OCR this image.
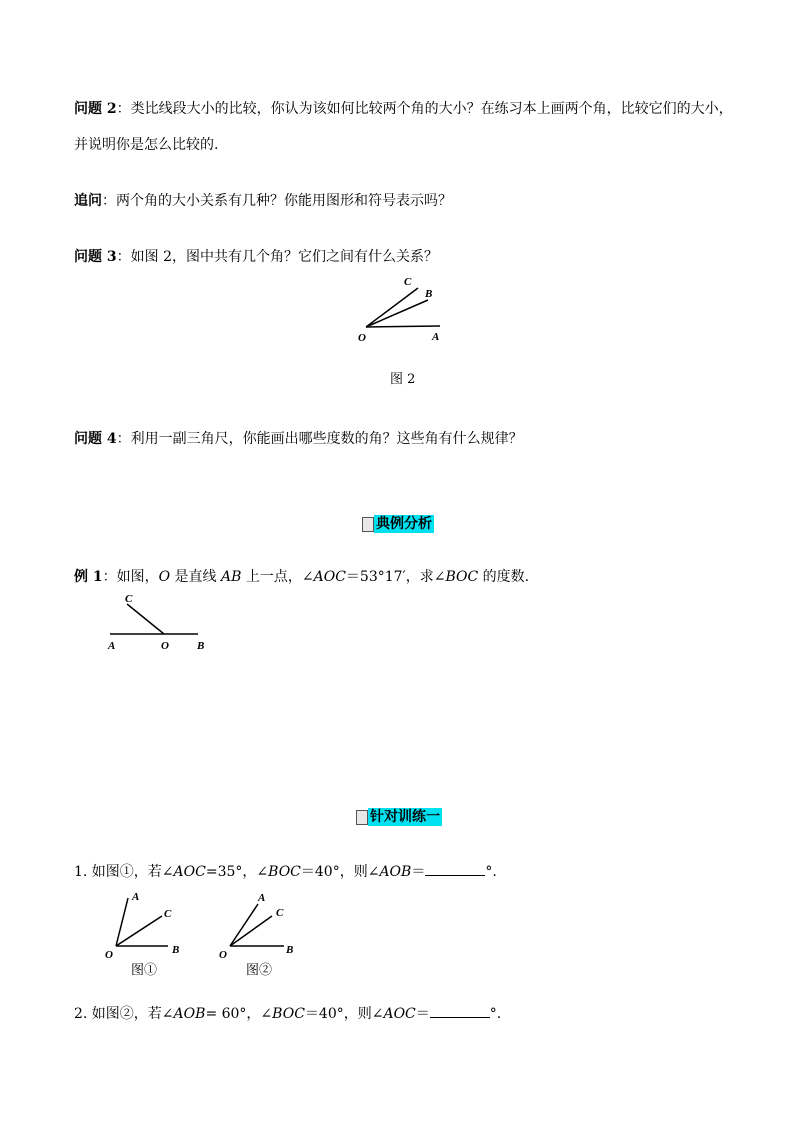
问题 2：类比线段大小的比较，你认为该如何比较两个角的大小？在练习本上画两个角，比较它们的大小，
并说明你是怎么比较的.
追问：两个角的大小关系有几种？你能用图形和符号表示吗？
问题 3：如图 2，图中共有几个角？它们之间有什么关系？
C
B
O	A
图 2
问题 4：利用一副三角尺，你能画出哪些度数的角？这些角有什么规律？
典例分析
例 1：如图，O 是直线 AB 上一点，∠AOC＝53°17′，求∠BOC 的度数.
C
A	O	B
针对训练一
1. 如图①，若∠AOC=35°，∠BOC＝40°，则∠AOB＝	°.
A
C
O	B
图①
A
C
O	B
图②
2. 如图②，若∠AOB= 60°，∠BOC＝40°，则∠AOC＝	°.
